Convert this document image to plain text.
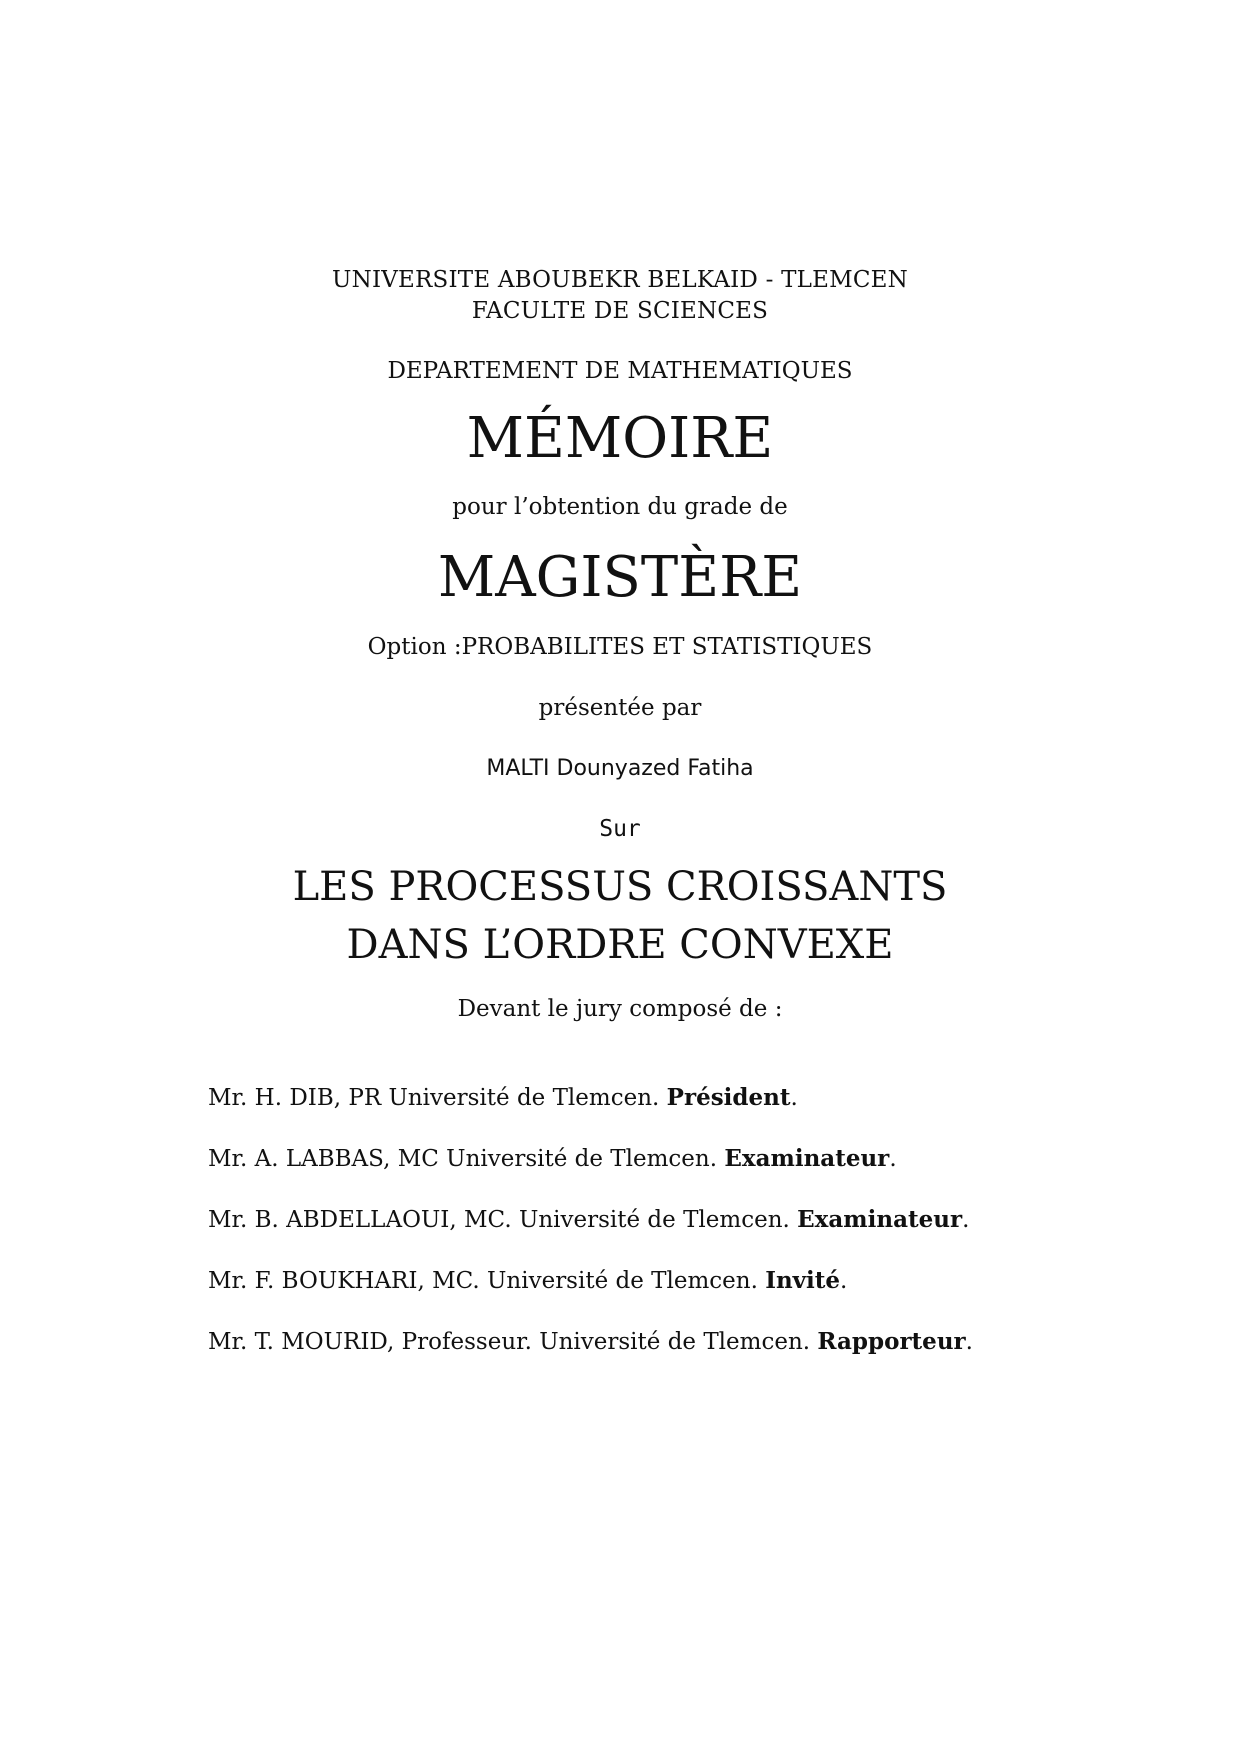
UNIVERSITE ABOUBEKR BELKAID - TLEMCEN
FACULTE DE SCIENCES
DEPARTEMENT DE MATHEMATIQUES
MÉMOIRE
pour l’obtention du grade de
MAGISTÈRE
Option :PROBABILITES ET STATISTIQUES
présentée par
MALTI Dounyazed Fatiha
Sur
LES PROCESSUS CROISSANTS
DANS L’ORDRE CONVEXE
Devant le jury composé de :
Mr. H. DIB, PR Université de Tlemcen. Président.
Mr. A. LABBAS, MC Université de Tlemcen. Examinateur.
Mr. B. ABDELLAOUI, MC. Université de Tlemcen. Examinateur.
Mr. F. BOUKHARI, MC. Université de Tlemcen. Invité.
Mr. T. MOURID, Professeur. Université de Tlemcen. Rapporteur.
